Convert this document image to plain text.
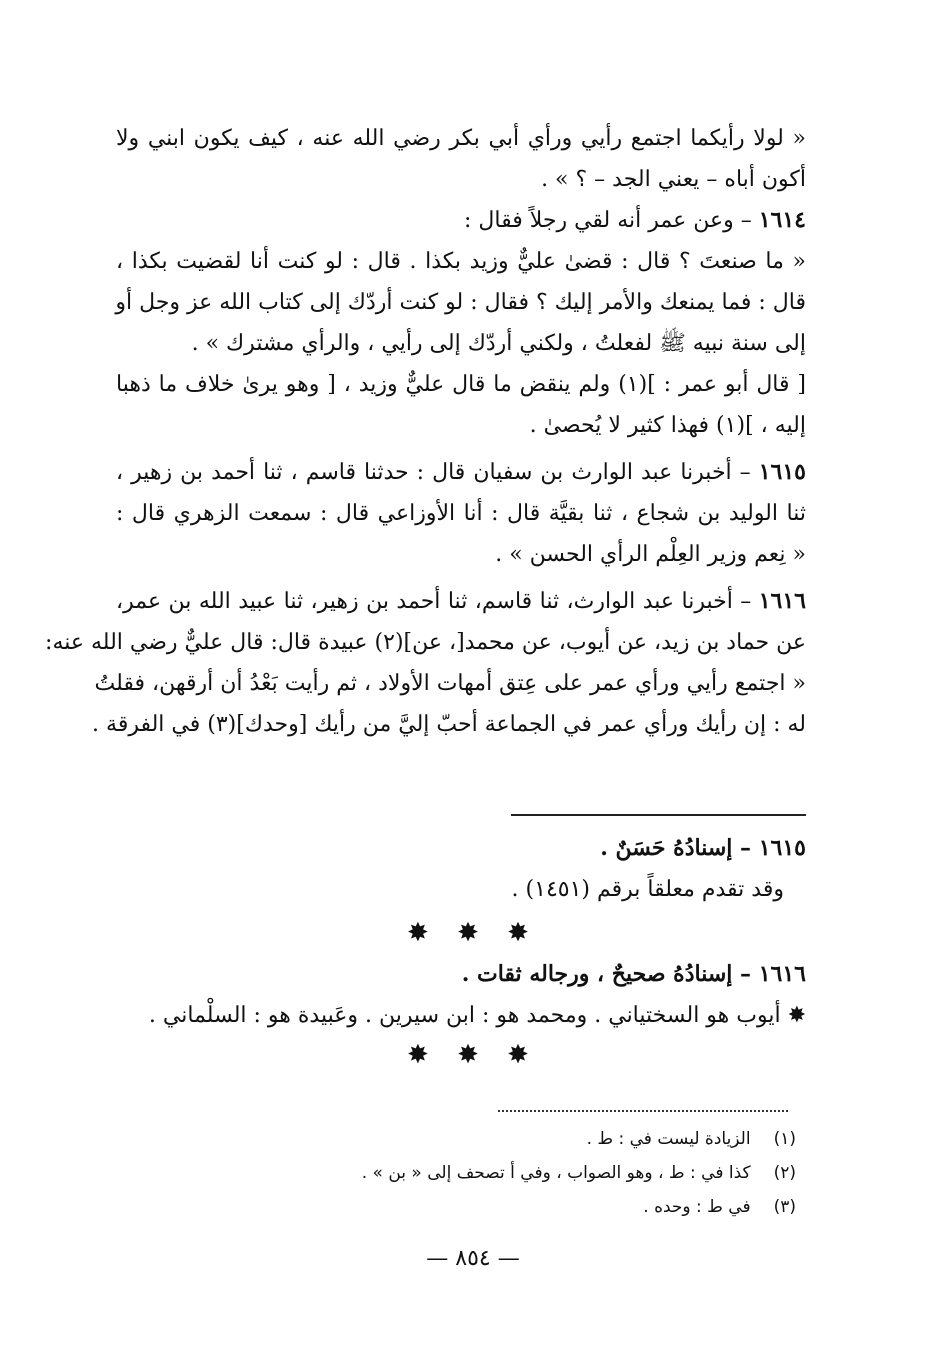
« لولا رأيكما اجتمع رأيي ورأي أبي بكر رضي الله عنه ، كيف يكون ابني ولا
أكون أباه – يعني الجد – ؟ » .
١٦١٤ – وعن عمر أنه لقي رجلاً فقال :
« ما صنعتَ ؟ قال : قضىٰ عليٌّ وزيد بكذا . قال : لو كنت أنا لقضيت بكذا ،
قال : فما يمنعك والأمر إليك ؟ فقال : لو كنت أردّك إلى كتاب الله عز وجل أو
إلى سنة نبيه ﷺ لفعلتُ ، ولكني أردّك إلى رأيي ، والرأي مشترك » .
[ قال أبو عمر : ](١) ولم ينقض ما قال عليٌّ وزيد ، [ وهو يرىٰ خلاف ما ذهبا
إليه ، ](١) فهذا كثير لا يُحصىٰ .
١٦١٥ – أخبرنا عبد الوارث بن سفيان قال : حدثنا قاسم ، ثنا أحمد بن زهير ،
ثنا الوليد بن شجاع ، ثنا بقيَّة قال : أنا الأوزاعي قال : سمعت الزهري قال :
« نِعم وزير العِلْم الرأي الحسن » .
١٦١٦ – أخبرنا عبد الوارث، ثنا قاسم، ثنا أحمد بن زهير، ثنا عبيد الله بن عمر،
عن حماد بن زيد، عن أيوب، عن محمد[، عن](٢) عبيدة قال: قال عليٌّ رضي الله عنه:
« اجتمع رأيي ورأي عمر على عِتق أمهات الأولاد ، ثم رأيت بَعْدُ أن أرقهن، فقلتُ
له : إن رأيك ورأي عمر في الجماعة أحبّ إليَّ من رأيك [وحدك](٣) في الفرقة .
١٦١٥ – إسنادُهُ حَسَنٌ .
وقد تقدم معلقاً برقم (١٤٥١) .
✸ ✸ ✸
١٦١٦ – إسنادُهُ صحيحٌ ، ورجاله ثقات .
✸ أيوب هو السختياني . ومحمد هو : ابن سيرين . وعَبيدة هو : السلْماني .
✸ ✸ ✸
(١) الزيادة ليست في : ط .
(٢) كذا في : ط ، وهو الصواب ، وفي أ تصحف إلى « بن » .
(٣) في ط : وحده .
— ٨٥٤ —
